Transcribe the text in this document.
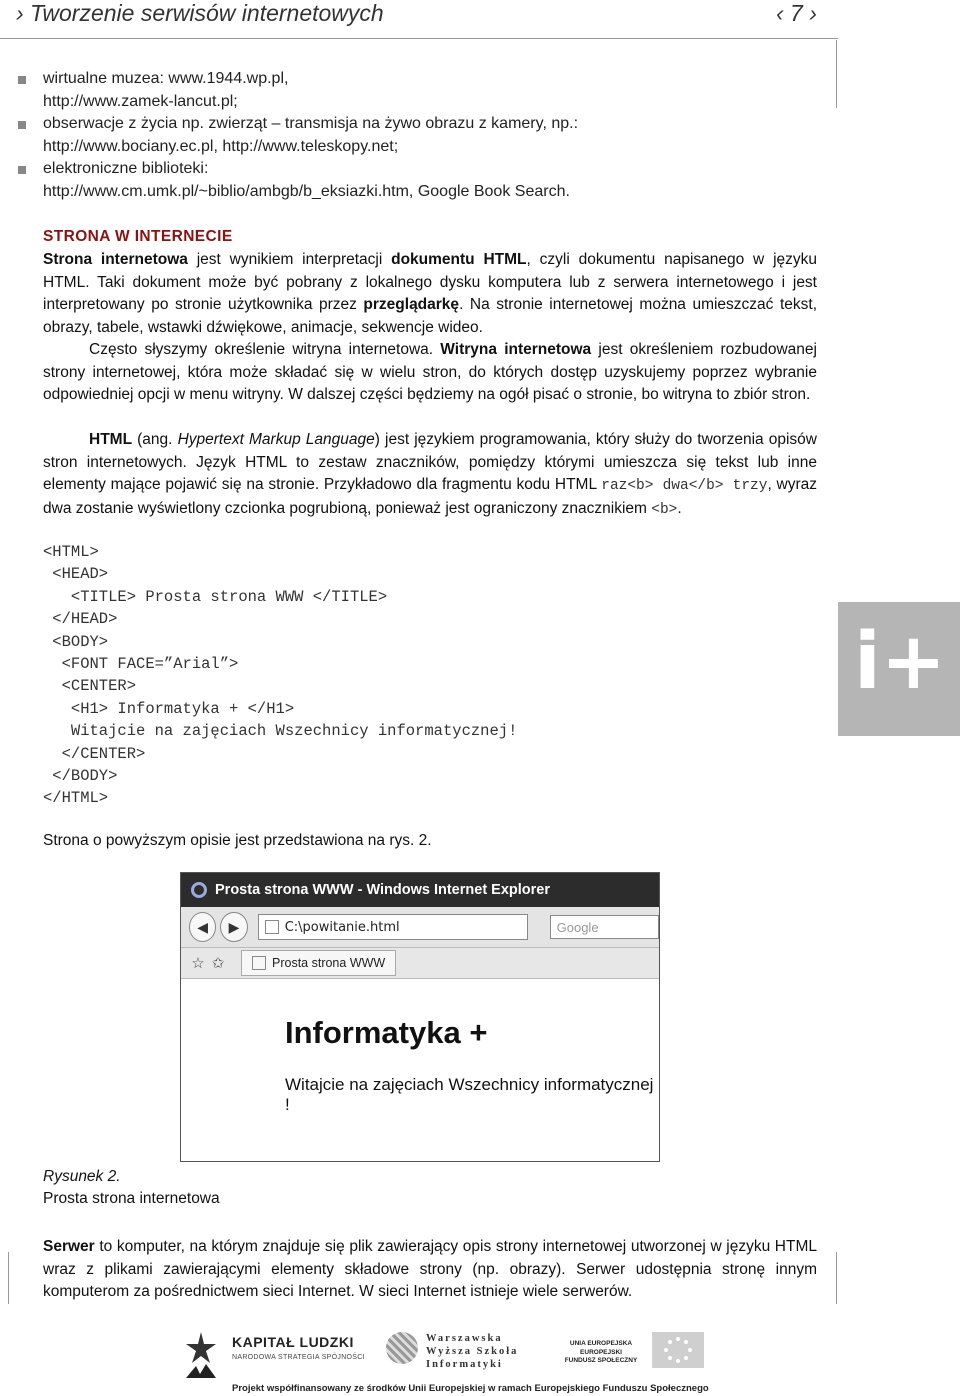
› Tworzenie serwisów internetowych	‹ 7 ›
wirtualne muzea: www.1944.wp.pl,
http://www.zamek-lancut.pl;
obserwacje z życia np. zwierząt – transmisja na żywo obrazu z kamery, np.:
http://www.bociany.ec.pl, http://www.teleskopy.net;
elektroniczne biblioteki:
http://www.cm.umk.pl/~biblio/ambgb/b_eksiazki.htm, Google Book Search.
STRONA W INTERNECIE
Strona internetowa jest wynikiem interpretacji dokumentu HTML, czyli dokumentu napisanego w języku HTML. Taki dokument może być pobrany z lokalnego dysku komputera lub z serwera internetowego i jest interpretowany po stronie użytkownika przez przeglądarkę. Na stronie internetowej można umieszczać tekst, obrazy, tabele, wstawki dźwiękowe, animacje, sekwencje wideo.
Często słyszymy określenie witryna internetowa. Witryna internetowa jest określeniem rozbudowanej strony internetowej, która może składać się w wielu stron, do których dostęp uzyskujemy poprzez wybranie odpowiedniej opcji w menu witryny. W dalszej części będziemy na ogół pisać o stronie, bo witryna to zbiór stron.
HTML (ang. Hypertext Markup Language) jest językiem programowania, który służy do tworzenia opisów stron internetowych. Język HTML to zestaw znaczników, pomiędzy którymi umieszcza się tekst lub inne elementy mające pojawić się na stronie. Przykładowo dla fragmentu kodu HTML raz<b> dwa</b> trzy, wyraz dwa zostanie wyświetlony czcionka pogrubioną, ponieważ jest ograniczony znacznikiem <b>.
<HTML>
<HEAD>
<TITLE> Prosta strona WWW </TITLE>
</HEAD>
<BODY>
<FONT FACE=”Arial”>
<CENTER>
<H1> Informatyka + </H1>
Witajcie na zajęciach Wszechnicy informatycznej!
</CENTER>
</BODY>
</HTML>
i+
Strona o powyższym opisie jest przedstawiona na rys. 2.
Prosta strona WWW - Windows Internet Explorer
◀ ▶	C:\powitanie.html	Google
☆ ✩	Prosta strona WWW
Informatyka +
Witajcie na zajęciach Wszechnicy informatycznej !
Rysunek 2.
Prosta strona internetowa
Serwer to komputer, na którym znajduje się plik zawierający opis strony internetowej utworzonej w języku HTML wraz z plikami zawierającymi elementy składowe strony (np. obrazy). Serwer udostępnia stronę innym komputerom za pośrednictwem sieci Internet. W sieci Internet istnieje wiele serwerów.
KAPITAŁ LUDZKI
NARODOWA STRATEGIA SPÓJNOŚCI
Warszawska
Wyższa Szkoła
Informatyki
UNIA EUROPEJSKA
EUROPEJSKI
FUNDUSZ SPOŁECZNY
Projekt współfinansowany ze środków Unii Europejskiej w ramach Europejskiego Funduszu Społecznego
